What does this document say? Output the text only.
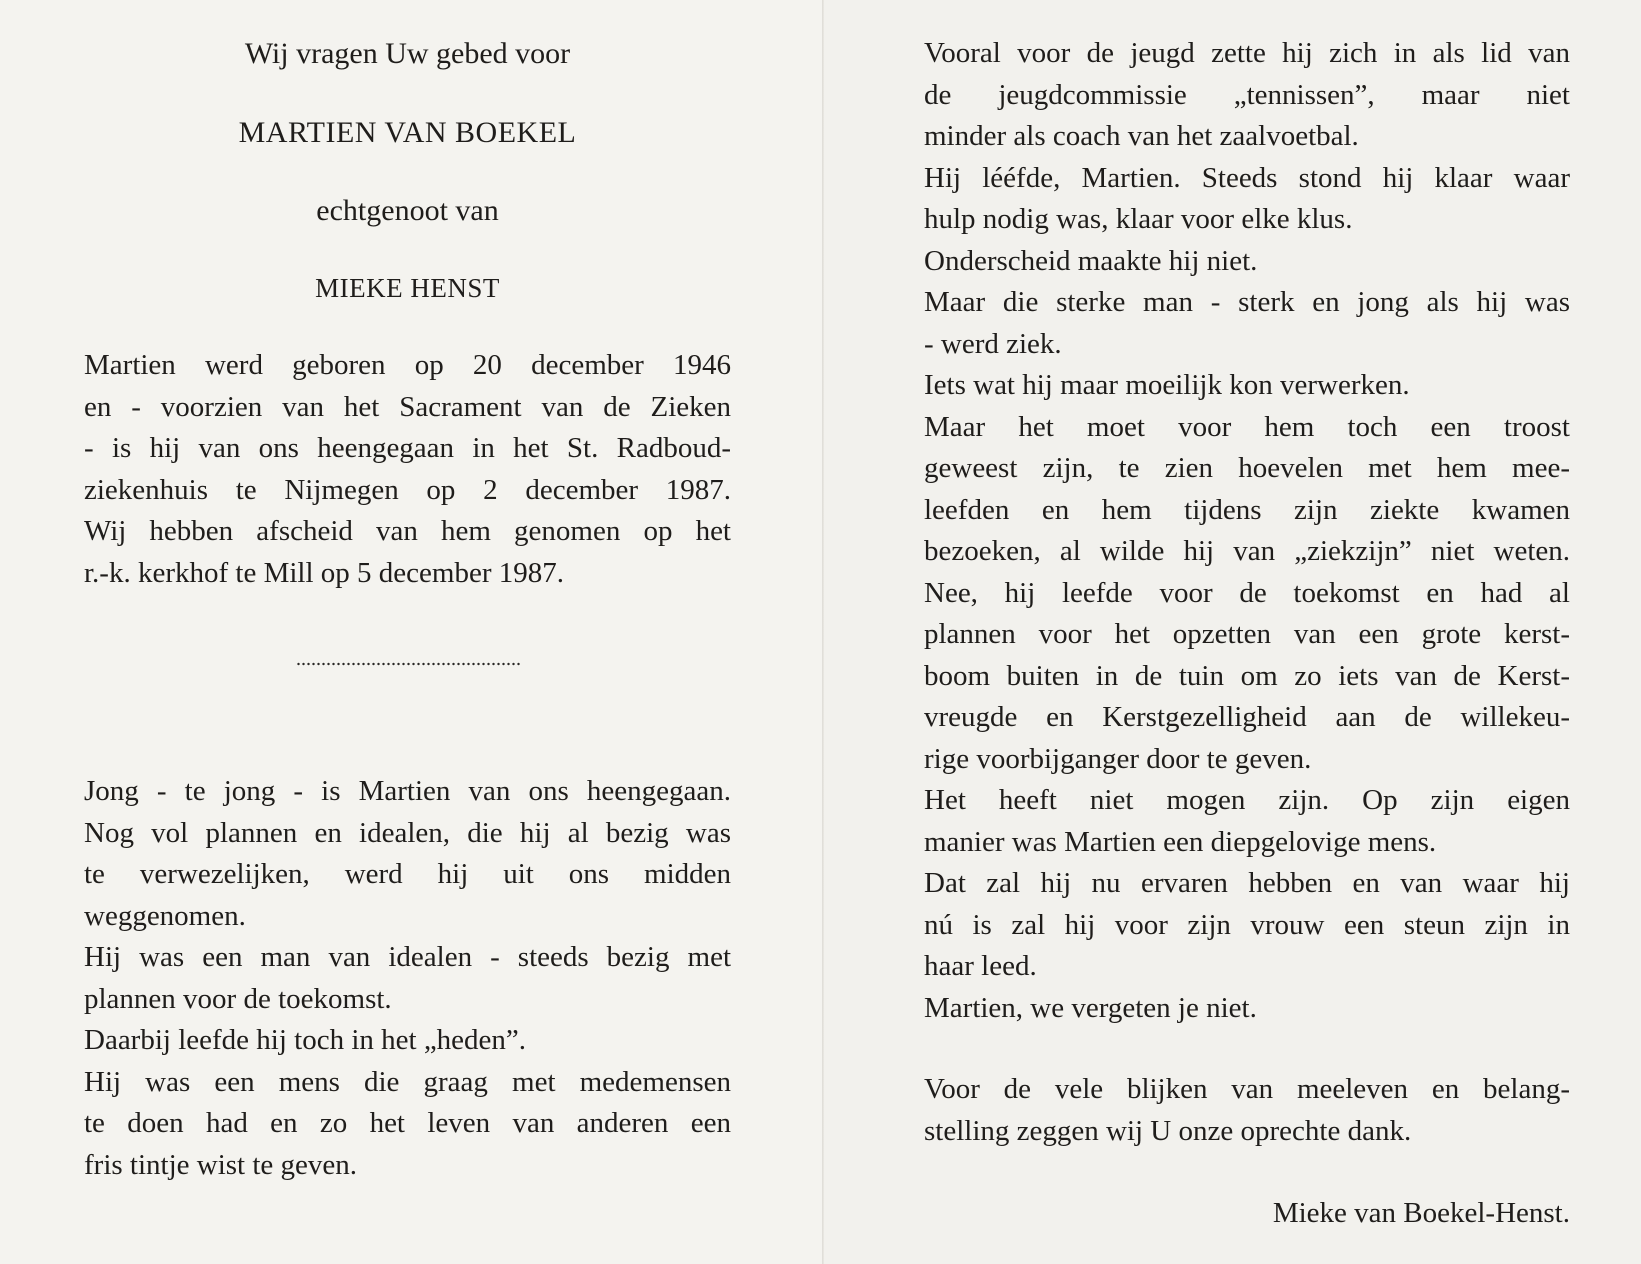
Wij vragen Uw gebed voor

MARTIEN VAN BOEKEL

echtgenoot van

MIEKE HENST

Martien werd geboren op 20 december 1946
en - voorzien van het Sacrament van de Zieken
- is hij van ons heengegaan in het St. Radboud-
ziekenhuis te Nijmegen op 2 december 1987.
Wij hebben afscheid van hem genomen op het
r.-k. kerkhof te Mill op 5 december 1987.
Jong - te jong - is Martien van ons heengegaan.
Nog vol plannen en idealen, die hij al bezig was
te verwezelijken, werd hij uit ons midden
weggenomen.
Hij was een man van idealen - steeds bezig met
plannen voor de toekomst.
Daarbij leefde hij toch in het „heden”.
Hij was een mens die graag met medemensen
te doen had en zo het leven van anderen een
fris tintje wist te geven.
Vooral voor de jeugd zette hij zich in als lid van
de jeugdcommissie „tennissen”, maar niet
minder als coach van het zaalvoetbal.
Hij lééfde, Martien. Steeds stond hij klaar waar
hulp nodig was, klaar voor elke klus.
Onderscheid maakte hij niet.
Maar die sterke man - sterk en jong als hij was
- werd ziek.
Iets wat hij maar moeilijk kon verwerken.
Maar het moet voor hem toch een troost
geweest zijn, te zien hoevelen met hem mee-
leefden en hem tijdens zijn ziekte kwamen
bezoeken, al wilde hij van „ziekzijn” niet weten.
Nee, hij leefde voor de toekomst en had al
plannen voor het opzetten van een grote kerst-
boom buiten in de tuin om zo iets van de Kerst-
vreugde en Kerstgezelligheid aan de willekeu-
rige voorbijganger door te geven.
Het heeft niet mogen zijn. Op zijn eigen
manier was Martien een diepgelovige mens.
Dat zal hij nu ervaren hebben en van waar hij
nú is zal hij voor zijn vrouw een steun zijn in
haar leed.
Martien, we vergeten je niet.
Voor de vele blijken van meeleven en belang-
stelling zeggen wij U onze oprechte dank.

Mieke van Boekel-Henst.
